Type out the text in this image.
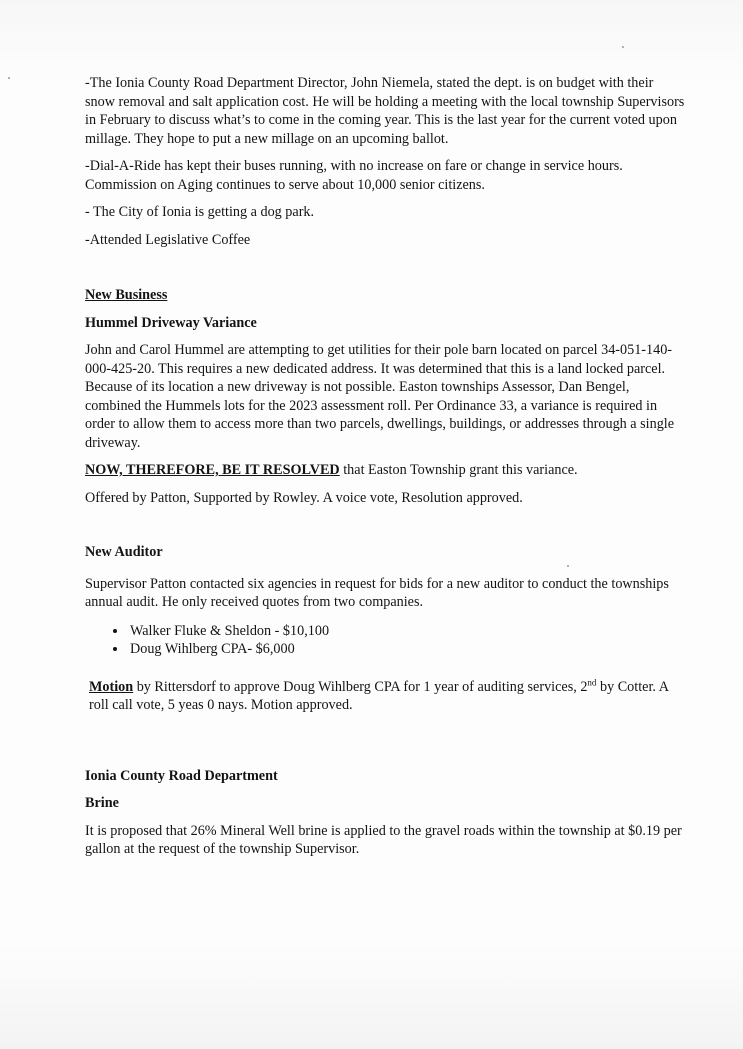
-The Ionia County Road Department Director, John Niemela, stated the dept. is on budget with their snow removal and salt application cost. He will be holding a meeting with the local township Supervisors in February to discuss what’s to come in the coming year. This is the last year for the current voted upon millage. They hope to put a new millage on an upcoming ballot.

-Dial-A-Ride has kept their buses running, with no increase on fare or change in service hours. Commission on Aging continues to serve about 10,000 senior citizens.

- The City of Ionia is getting a dog park.

-Attended Legislative Coffee

New Business

Hummel Driveway Variance

John and Carol Hummel are attempting to get utilities for their pole barn located on parcel 34-051-140-000-425-20. This requires a new dedicated address. It was determined that this is a land locked parcel. Because of its location a new driveway is not possible. Easton townships Assessor, Dan Bengel, combined the Hummels lots for the 2023 assessment roll. Per Ordinance 33, a variance is required in order to allow them to access more than two parcels, dwellings, buildings, or addresses through a single driveway.

NOW, THEREFORE, BE IT RESOLVED that Easton Township grant this variance.

Offered by Patton, Supported by Rowley. A voice vote, Resolution approved.

New Auditor

Supervisor Patton contacted six agencies in request for bids for a new auditor to conduct the townships annual audit. He only received quotes from two companies.

• Walker Fluke & Sheldon - $10,100
• Doug Wihlberg CPA- $6,000

Motion by Rittersdorf to approve Doug Wihlberg CPA for 1 year of auditing services, 2nd by Cotter. A roll call vote, 5 yeas 0 nays. Motion approved.

Ionia County Road Department

Brine

It is proposed that 26% Mineral Well brine is applied to the gravel roads within the township at $0.19 per gallon at the request of the township Supervisor.
